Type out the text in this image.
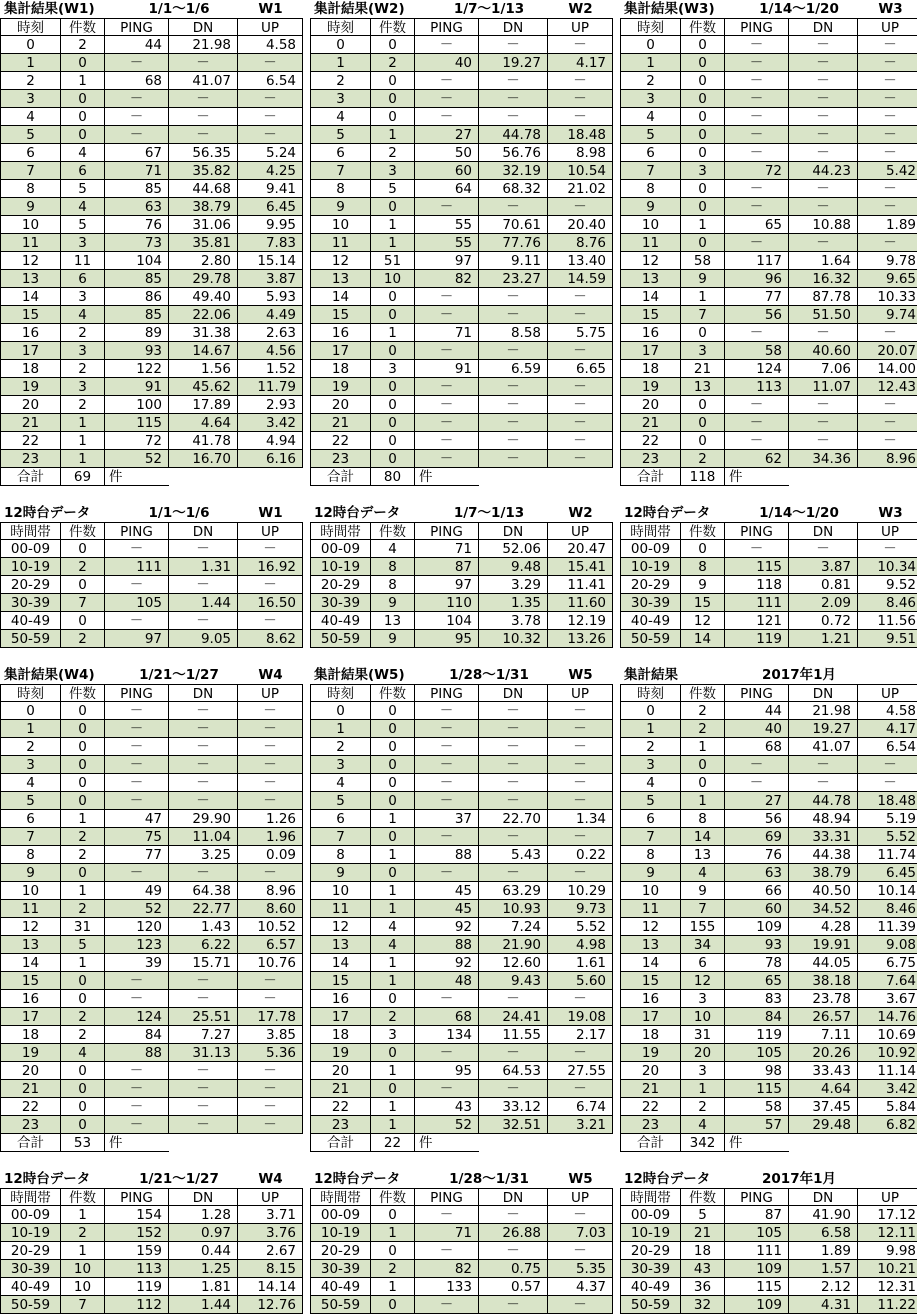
集計結果(W1)	1/1～1/6	W1
時刻	件数	PING	DN	UP
0	2	44	21.98	4.58
1	0	－	－	－
2	1	68	41.07	6.54
3	0	－	－	－
4	0	－	－	－
5	0	－	－	－
6	4	67	56.35	5.24
7	6	71	35.82	4.25
8	5	85	44.68	9.41
9	4	63	38.79	6.45
10	5	76	31.06	9.95
11	3	73	35.81	7.83
12	11	104	2.80	15.14
13	6	85	29.78	3.87
14	3	86	49.40	5.93
15	4	85	22.06	4.49
16	2	89	31.38	2.63
17	3	93	14.67	4.56
18	2	122	1.56	1.52
19	3	91	45.62	11.79
20	2	100	17.89	2.93
21	1	115	4.64	3.42
22	1	72	41.78	4.94
23	1	52	16.70	6.16
合計	69	件
集計結果(W2)	1/7～1/13	W2
時刻	件数	PING	DN	UP
0	0	－	－	－
1	2	40	19.27	4.17
2	0	－	－	－
3	0	－	－	－
4	0	－	－	－
5	1	27	44.78	18.48
6	2	50	56.76	8.98
7	3	60	32.19	10.54
8	5	64	68.32	21.02
9	0	－	－	－
10	1	55	70.61	20.40
11	1	55	77.76	8.76
12	51	97	9.11	13.40
13	10	82	23.27	14.59
14	0	－	－	－
15	0	－	－	－
16	1	71	8.58	5.75
17	0	－	－	－
18	3	91	6.59	6.65
19	0	－	－	－
20	0	－	－	－
21	0	－	－	－
22	0	－	－	－
23	0	－	－	－
合計	80	件
集計結果(W3)	1/14～1/20	W3
時刻	件数	PING	DN	UP
0	0	－	－	－
1	0	－	－	－
2	0	－	－	－
3	0	－	－	－
4	0	－	－	－
5	0	－	－	－
6	0	－	－	－
7	3	72	44.23	5.42
8	0	－	－	－
9	0	－	－	－
10	1	65	10.88	1.89
11	0	－	－	－
12	58	117	1.64	9.78
13	9	96	16.32	9.65
14	1	77	87.78	10.33
15	7	56	51.50	9.74
16	0	－	－	－
17	3	58	40.60	20.07
18	21	124	7.06	14.00
19	13	113	11.07	12.43
20	0	－	－	－
21	0	－	－	－
22	0	－	－	－
23	2	62	34.36	8.96
合計	118	件
12時台データ	1/1～1/6	W1
時間帯	件数	PING	DN	UP
00-09	0	－	－	－
10-19	2	111	1.31	16.92
20-29	0	－	－	－
30-39	7	105	1.44	16.50
40-49	0	－	－	－
50-59	2	97	9.05	8.62
12時台データ	1/7～1/13	W2
時間帯	件数	PING	DN	UP
00-09	4	71	52.06	20.47
10-19	8	87	9.48	15.41
20-29	8	97	3.29	11.41
30-39	9	110	1.35	11.60
40-49	13	104	3.78	12.19
50-59	9	95	10.32	13.26
12時台データ	1/14～1/20	W3
時間帯	件数	PING	DN	UP
00-09	0	－	－	－
10-19	8	115	3.87	10.34
20-29	9	118	0.81	9.52
30-39	15	111	2.09	8.46
40-49	12	121	0.72	11.56
50-59	14	119	1.21	9.51
集計結果(W4)	1/21～1/27	W4
時刻	件数	PING	DN	UP
0	0	－	－	－
1	0	－	－	－
2	0	－	－	－
3	0	－	－	－
4	0	－	－	－
5	0	－	－	－
6	1	47	29.90	1.26
7	2	75	11.04	1.96
8	2	77	3.25	0.09
9	0	－	－	－
10	1	49	64.38	8.96
11	2	52	22.77	8.60
12	31	120	1.43	10.52
13	5	123	6.22	6.57
14	1	39	15.71	10.76
15	0	－	－	－
16	0	－	－	－
17	2	124	25.51	17.78
18	2	84	7.27	3.85
19	4	88	31.13	5.36
20	0	－	－	－
21	0	－	－	－
22	0	－	－	－
23	0	－	－	－
合計	53	件
集計結果(W5)	1/28～1/31	W5
時刻	件数	PING	DN	UP
0	0	－	－	－
1	0	－	－	－
2	0	－	－	－
3	0	－	－	－
4	0	－	－	－
5	0	－	－	－
6	1	37	22.70	1.34
7	0	－	－	－
8	1	88	5.43	0.22
9	0	－	－	－
10	1	45	63.29	10.29
11	1	45	10.93	9.73
12	4	92	7.24	5.52
13	4	88	21.90	4.98
14	1	92	12.60	1.61
15	1	48	9.43	5.60
16	0	－	－	－
17	2	68	24.41	19.08
18	3	134	11.55	2.17
19	0	－	－	－
20	1	95	64.53	27.55
21	0	－	－	－
22	1	43	33.12	6.74
23	1	52	32.51	3.21
合計	22	件
集計結果	2017年1月
時刻	件数	PING	DN	UP
0	2	44	21.98	4.58
1	2	40	19.27	4.17
2	1	68	41.07	6.54
3	0	－	－	－
4	0	－	－	－
5	1	27	44.78	18.48
6	8	56	48.94	5.19
7	14	69	33.31	5.52
8	13	76	44.38	11.74
9	4	63	38.79	6.45
10	9	66	40.50	10.14
11	7	60	34.52	8.46
12	155	109	4.28	11.39
13	34	93	19.91	9.08
14	6	78	44.05	6.75
15	12	65	38.18	7.64
16	3	83	23.78	3.67
17	10	84	26.57	14.76
18	31	119	7.11	10.69
19	20	105	20.26	10.92
20	3	98	33.43	11.14
21	1	115	4.64	3.42
22	2	58	37.45	5.84
23	4	57	29.48	6.82
合計	342	件
12時台データ	1/21～1/27	W4
時間帯	件数	PING	DN	UP
00-09	1	154	1.28	3.71
10-19	2	152	0.97	3.76
20-29	1	159	0.44	2.67
30-39	10	113	1.25	8.15
40-49	10	119	1.81	14.14
50-59	7	112	1.44	12.76
12時台データ	1/28～1/31	W5
時間帯	件数	PING	DN	UP
00-09	0	－	－	－
10-19	1	71	26.88	7.03
20-29	0	－	－	－
30-39	2	82	0.75	5.35
40-49	1	133	0.57	4.37
50-59	0	－	－	－
12時台データ	2017年1月
時間帯	件数	PING	DN	UP
00-09	5	87	41.90	17.12
10-19	21	105	6.58	12.11
20-29	18	111	1.89	9.98
30-39	43	109	1.57	10.21
40-49	36	115	2.12	12.31
50-59	32	109	4.31	11.22
